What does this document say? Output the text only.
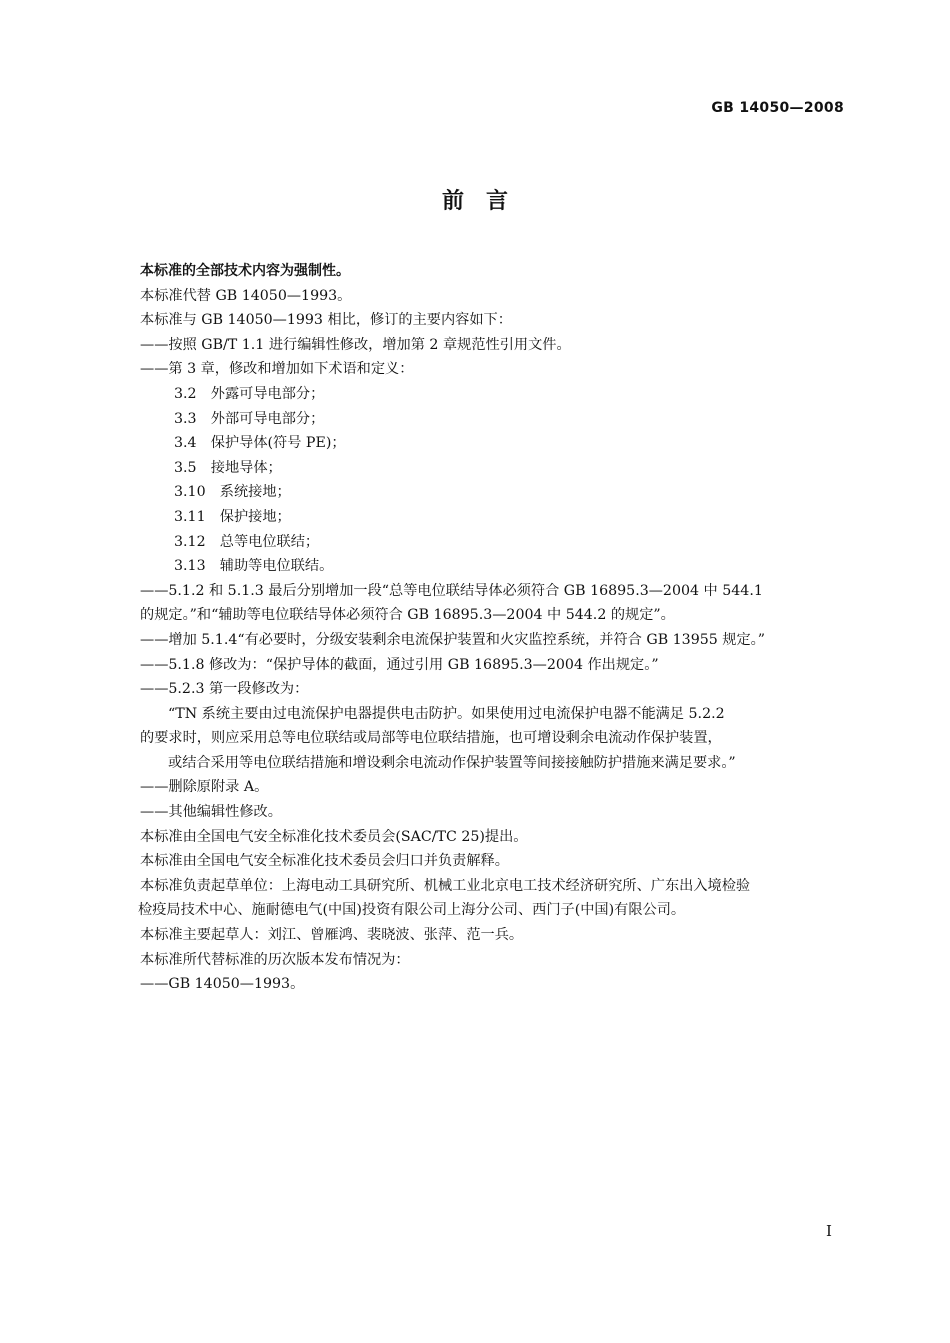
GB 14050—2008
前　言
本标准的全部技术内容为强制性。
本标准代替 GB 14050—1993。
本标准与 GB 14050—1993 相比，修订的主要内容如下：
——按照 GB/T 1.1 进行编辑性修改，增加第 2 章规范性引用文件。
——第 3 章，修改和增加如下术语和定义：
3.2　外露可导电部分；
3.3　外部可导电部分；
3.4　保护导体(符号 PE)；
3.5　接地导体；
3.10　系统接地；
3.11　保护接地；
3.12　总等电位联结；
3.13　辅助等电位联结。
——5.1.2 和 5.1.3 最后分别增加一段“总等电位联结导体必须符合 GB 16895.3—2004 中 544.1
的规定。”和“辅助等电位联结导体必须符合 GB 16895.3—2004 中 544.2 的规定”。
——增加 5.1.4“有必要时，分级安装剩余电流保护装置和火灾监控系统，并符合 GB 13955 规定。”
——5.1.8 修改为：“保护导体的截面，通过引用 GB 16895.3—2004 作出规定。”
——5.2.3 第一段修改为：
“TN 系统主要由过电流保护电器提供电击防护。如果使用过电流保护电器不能满足 5.2.2
的要求时，则应采用总等电位联结或局部等电位联结措施，也可增设剩余电流动作保护装置，
或结合采用等电位联结措施和增设剩余电流动作保护装置等间接接触防护措施来满足要求。”
——删除原附录 A。
——其他编辑性修改。
本标准由全国电气安全标准化技术委员会(SAC/TC 25)提出。
本标准由全国电气安全标准化技术委员会归口并负责解释。
本标准负责起草单位：上海电动工具研究所、机械工业北京电工技术经济研究所、广东出入境检验
检疫局技术中心、施耐德电气(中国)投资有限公司上海分公司、西门子(中国)有限公司。
本标准主要起草人：刘江、曾雁鸿、裴晓波、张萍、范一兵。
本标准所代替标准的历次版本发布情况为：
——GB 14050—1993。
I
